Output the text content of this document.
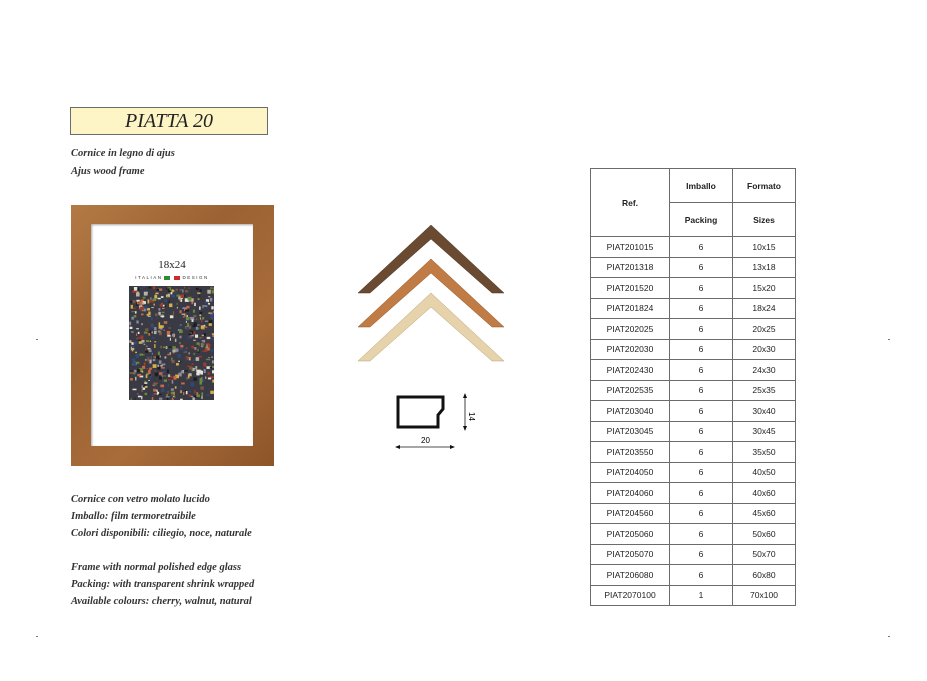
PIATTA 20
Cornice in legno di ajus
Ajus wood frame
18x24
ITALIAN	DESIGN
14
20
Cornice con vetro molato lucido
Imballo: film termoretraibile
Colori disponibili: ciliegio, noce, naturale
Frame with normal polished edge glass
Packing: with transparent shrink wrapped
Available colours: cherry, walnut, natural
Ref.	Imballo	Formato
	Packing	Sizes
PIAT201015	6	10x15
PIAT201318	6	13x18
PIAT201520	6	15x20
PIAT201824	6	18x24
PIAT202025	6	20x25
PIAT202030	6	20x30
PIAT202430	6	24x30
PIAT202535	6	25x35
PIAT203040	6	30x40
PIAT203045	6	30x45
PIAT203550	6	35x50
PIAT204050	6	40x50
PIAT204060	6	40x60
PIAT204560	6	45x60
PIAT205060	6	50x60
PIAT205070	6	50x70
PIAT206080	6	60x80
PIAT2070100	1	70x100
